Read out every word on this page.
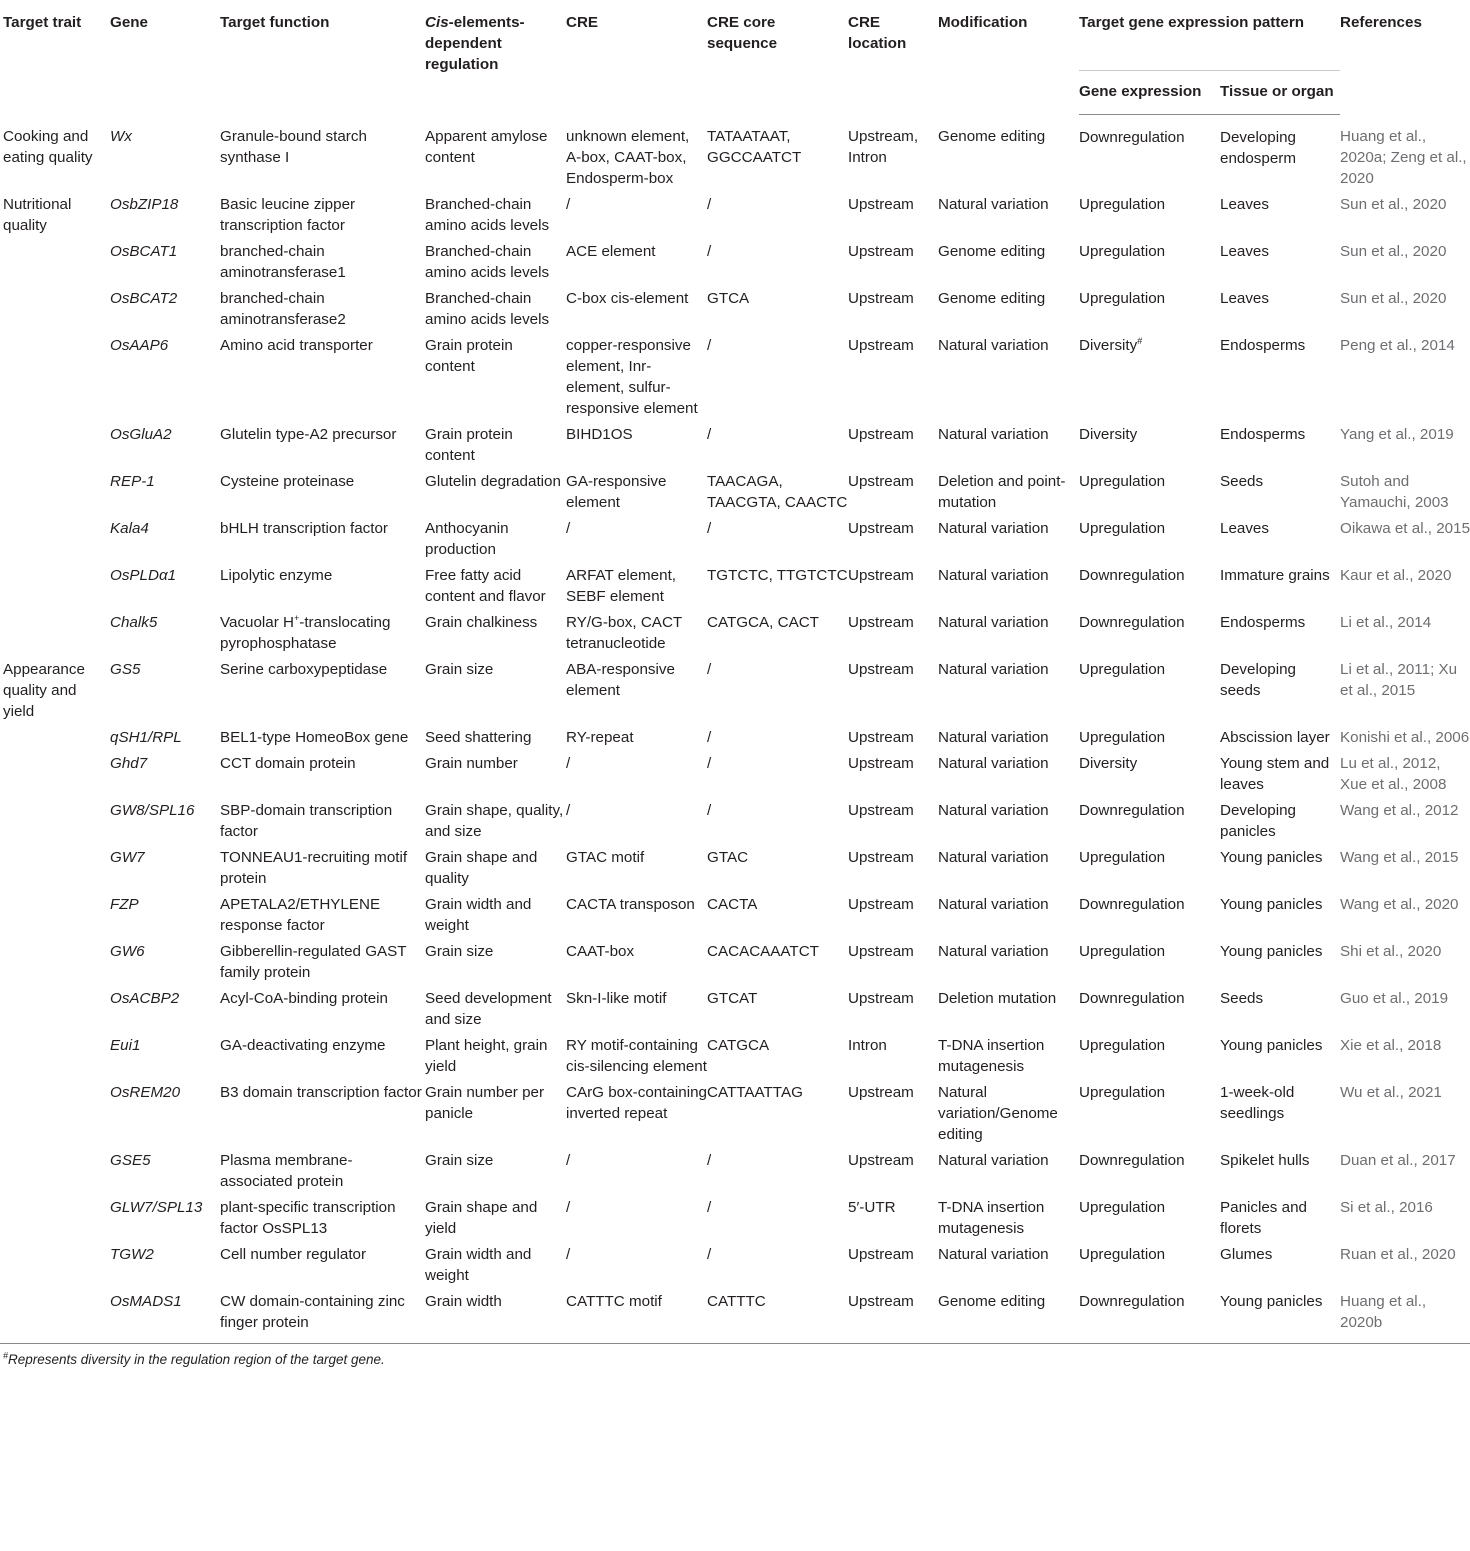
Target trait	Gene	Target function	Cis-elements-dependent regulation	CRE	CRE core sequence	CRE location	Modification	Target gene expression pattern		References
								Gene expression	Tissue or organ	
Cooking and eating quality	Wx	Granule-bound starch synthase I	Apparent amylose content	unknown element, A-box, CAAT-box, Endosperm-box	TATAATAAT, GGCCAATCT	Upstream, Intron	Genome editing	Downregulation	Developing endosperm	Huang et al., 2020a; Zeng et al., 2020
Nutritional quality	OsbZIP18	Basic leucine zipper transcription factor	Branched-chain amino acids levels	/	/	Upstream	Natural variation	Upregulation	Leaves	Sun et al., 2020
	OsBCAT1	branched-chain aminotransferase1	Branched-chain amino acids levels	ACE element	/	Upstream	Genome editing	Upregulation	Leaves	Sun et al., 2020
	OsBCAT2	branched-chain aminotransferase2	Branched-chain amino acids levels	C-box cis-element	GTCA	Upstream	Genome editing	Upregulation	Leaves	Sun et al., 2020
	OsAAP6	Amino acid transporter	Grain protein content	copper-responsive element, Inr-element, sulfur-responsive element	/	Upstream	Natural variation	Diversity#	Endosperms	Peng et al., 2014
	OsGluA2	Glutelin type-A2 precursor	Grain protein content	BIHD1OS	/	Upstream	Natural variation	Diversity	Endosperms	Yang et al., 2019
	REP-1	Cysteine proteinase	Glutelin degradation	GA-responsive element	TAACAGA, TAACGTA, CAACTC	Upstream	Deletion and point-mutation	Upregulation	Seeds	Sutoh and Yamauchi, 2003
	Kala4	bHLH transcription factor	Anthocyanin production	/	/	Upstream	Natural variation	Upregulation	Leaves	Oikawa et al., 2015
	OsPLDα1	Lipolytic enzyme	Free fatty acid content and flavor	ARFAT element, SEBF element	TGTCTC, TTGTCTC	Upstream	Natural variation	Downregulation	Immature grains	Kaur et al., 2020
	Chalk5	Vacuolar H+-translocating pyrophosphatase	Grain chalkiness	RY/G-box, CACT tetranucleotide	CATGCA, CACT	Upstream	Natural variation	Downregulation	Endosperms	Li et al., 2014
Appearance quality and yield	GS5	Serine carboxypeptidase	Grain size	ABA-responsive element	/	Upstream	Natural variation	Upregulation	Developing seeds	Li et al., 2011; Xu et al., 2015
	qSH1/RPL	BEL1-type HomeoBox gene	Seed shattering	RY-repeat	/	Upstream	Natural variation	Upregulation	Abscission layer	Konishi et al., 2006
	Ghd7	CCT domain protein	Grain number	/	/	Upstream	Natural variation	Diversity	Young stem and leaves	Lu et al., 2012, Xue et al., 2008
	GW8/SPL16	SBP-domain transcription factor	Grain shape, quality, and size	/	/	Upstream	Natural variation	Downregulation	Developing panicles	Wang et al., 2012
	GW7	TONNEAU1-recruiting motif protein	Grain shape and quality	GTAC motif	GTAC	Upstream	Natural variation	Upregulation	Young panicles	Wang et al., 2015
	FZP	APETALA2/ETHYLENE response factor	Grain width and weight	CACTA transposon	CACTA	Upstream	Natural variation	Downregulation	Young panicles	Wang et al., 2020
	GW6	Gibberellin-regulated GAST family protein	Grain size	CAAT-box	CACACAAATCT	Upstream	Natural variation	Upregulation	Young panicles	Shi et al., 2020
	OsACBP2	Acyl-CoA-binding protein	Seed development and size	Skn-I-like motif	GTCAT	Upstream	Deletion mutation	Downregulation	Seeds	Guo et al., 2019
	Eui1	GA-deactivating enzyme	Plant height, grain yield	RY motif-containing cis-silencing element	CATGCA	Intron	T-DNA insertion mutagenesis	Upregulation	Young panicles	Xie et al., 2018
	OsREM20	B3 domain transcription factor	Grain number per panicle	CArG box-containing inverted repeat	CATTAATTAG	Upstream	Natural variation/Genome editing	Upregulation	1-week-old seedlings	Wu et al., 2021
	GSE5	Plasma membrane-associated protein	Grain size	/	/	Upstream	Natural variation	Downregulation	Spikelet hulls	Duan et al., 2017
	GLW7/SPL13	plant-specific transcription factor OsSPL13	Grain shape and yield	/	/	5′-UTR	T-DNA insertion mutagenesis	Upregulation	Panicles and florets	Si et al., 2016
	TGW2	Cell number regulator	Grain width and weight	/	/	Upstream	Natural variation	Upregulation	Glumes	Ruan et al., 2020
	OsMADS1	CW domain-containing zinc finger protein	Grain width	CATTTC motif	CATTTC	Upstream	Genome editing	Downregulation	Young panicles	Huang et al., 2020b
#Represents diversity in the regulation region of the target gene.
